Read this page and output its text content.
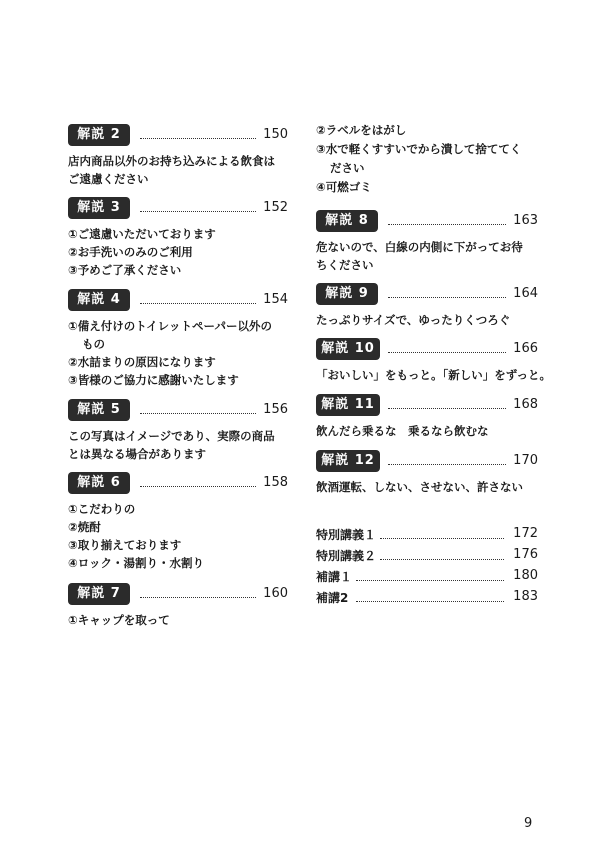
解説 2	150
店内商品以外のお持ち込みによる飲食は
ご遠慮ください
解説 3	152
①ご遠慮いただいております
②お手洗いのみのご利用
③予めご了承ください
解説 4	154
①備え付けのトイレットペーパー以外の
もの
②水詰まりの原因になります
③皆様のご協力に感謝いたします
解説 5	156
この写真はイメージであり、実際の商品
とは異なる場合があります
解説 6	158
①こだわりの
②焼酎
③取り揃えております
④ロック・湯割り・水割り
解説 7	160
①キャップを取って
②ラベルをはがし
③水で軽くすすいでから潰して捨ててく
ださい
④可燃ゴミ
解説 8	163
危ないので、白線の内側に下がってお待
ちください
解説 9	164
たっぷりサイズで、ゆったりくつろぐ
解説 10	166
「おいしい」をもっと。「新しい」をずっと。
解説 11	168
飲んだら乗るな　乗るなら飲むな
解説 12	170
飲酒運転、しない、させない、許さない
特別講義１	172
特別講義２	176
補講１	180
補講2	183
9
